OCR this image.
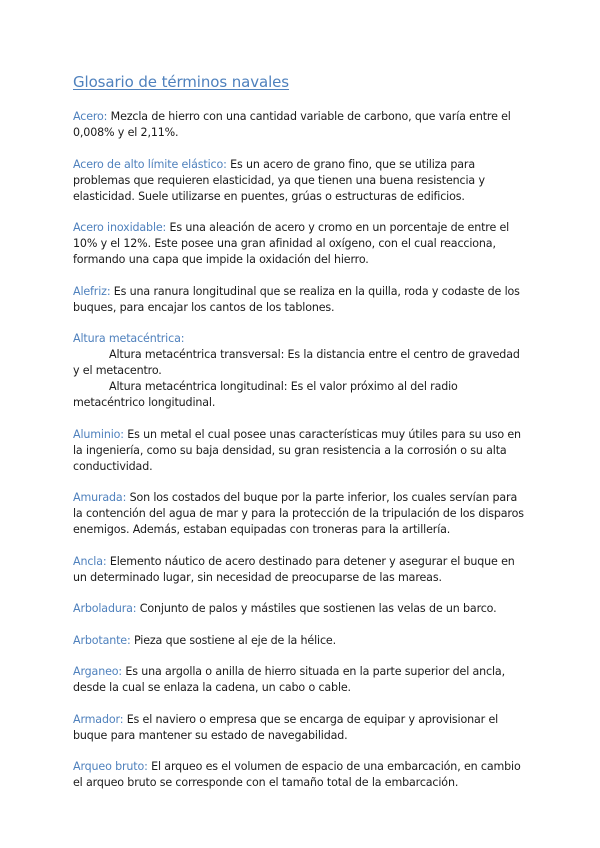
Glosario de términos navales

Acero: Mezcla de hierro con una cantidad variable de carbono, que varía entre el 0,008% y el 2,11%.

Acero de alto límite elástico: Es un acero de grano fino, que se utiliza para problemas que requieren elasticidad, ya que tienen una buena resistencia y elasticidad. Suele utilizarse en puentes, grúas o estructuras de edificios.

Acero inoxidable: Es una aleación de acero y cromo en un porcentaje de entre el 10% y el 12%. Este posee una gran afinidad al oxígeno, con el cual reacciona, formando una capa que impide la oxidación del hierro.

Alefriz: Es una ranura longitudinal que se realiza en la quilla, roda y codaste de los buques, para encajar los cantos de los tablones.

Altura metacéntrica:
Altura metacéntrica transversal: Es la distancia entre el centro de gravedad y el metacentro.
Altura metacéntrica longitudinal: Es el valor próximo al del radio metacéntrico longitudinal.

Aluminio: Es un metal el cual posee unas características muy útiles para su uso en la ingeniería, como su baja densidad, su gran resistencia a la corrosión o su alta conductividad.

Amurada: Son los costados del buque por la parte inferior, los cuales servían para la contención del agua de mar y para la protección de la tripulación de los disparos enemigos. Además, estaban equipadas con troneras para la artillería.

Ancla: Elemento náutico de acero destinado para detener y asegurar el buque en un determinado lugar, sin necesidad de preocuparse de las mareas.

Arboladura: Conjunto de palos y mástiles que sostienen las velas de un barco.

Arbotante: Pieza que sostiene al eje de la hélice.

Arganeo: Es una argolla o anilla de hierro situada en la parte superior del ancla, desde la cual se enlaza la cadena, un cabo o cable.

Armador: Es el naviero o empresa que se encarga de equipar y aprovisionar el buque para mantener su estado de navegabilidad.

Arqueo bruto: El arqueo es el volumen de espacio de una embarcación, en cambio el arqueo bruto se corresponde con el tamaño total de la embarcación.
